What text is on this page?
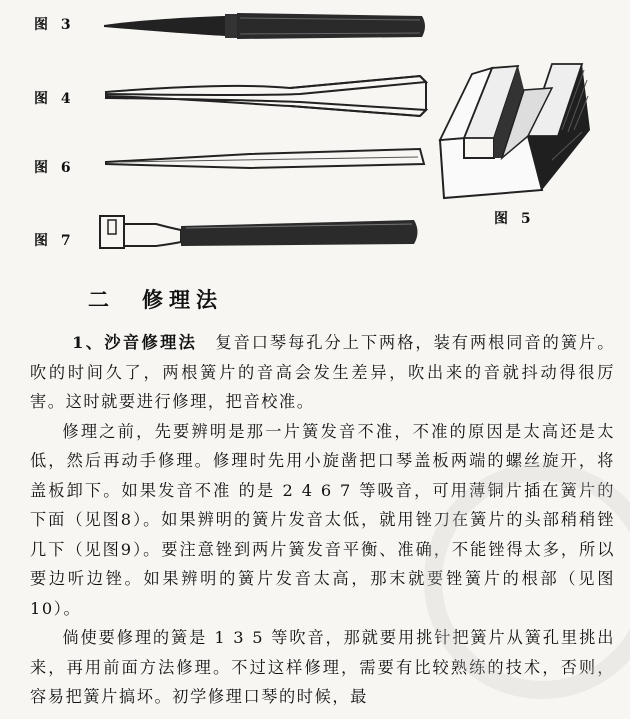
图 3
图 4
图 6
图 7
图 5
二　修理法

1、沙音修理法　 复音口琴每孔分上下两格，装有两根同音的簧片。吹的时间久了，两根簧片的音高会发生差异，吹出来的音就抖动得很厉害。这时就要进行修理，把音校准。

修理之前，先要辨明是那一片簧发音不准，不准的原因是太高还是太低，然后再动手修理。修理时先用小旋凿把口琴盖板两端的螺丝旋开，将盖板卸下。如果发音不准 的是 2 4 6 7 等吸音，可用薄铜片插在簧片的下面（见图8）。如果辨明的簧片发音太低，就用锉刀在簧片的头部稍稍锉几下（见图9）。要注意锉到两片簧发音平衡、准确，不能锉得太多，所以要边听边锉。如果辨明的簧片发音太高，那末就要锉簧片的根部（见图10）。

倘使要修理的簧是 1 3 5 等吹音，那就要用挑针把簧片从簧孔里挑出来，再用前面方法修理。不过这样修理，需要有比较熟练的技术，否则，容易把簧片搞坏。初学修理口琴的时候，最
